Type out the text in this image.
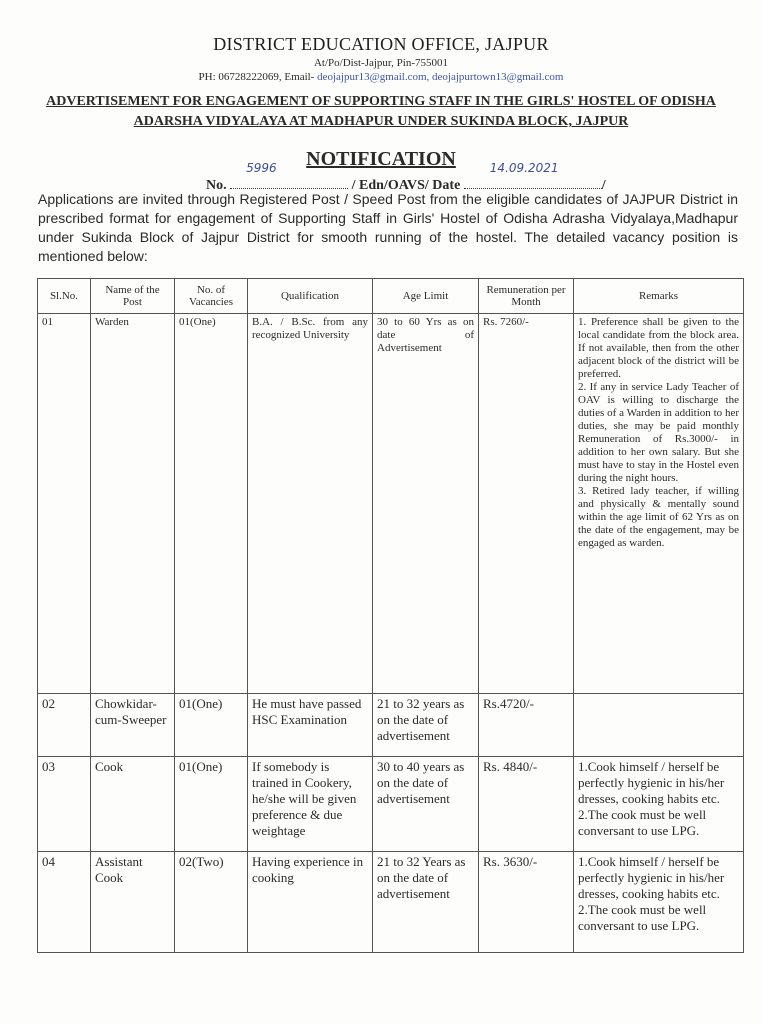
DISTRICT EDUCATION OFFICE, JAJPUR
At/Po/Dist-Jajpur, Pin-755001
PH: 06728222069, Email- deojajpur13@gmail.com, deojajpurtown13@gmail.com
ADVERTISEMENT FOR ENGAGEMENT OF SUPPORTING STAFF IN THE GIRLS' HOSTEL OF ODISHA
ADARSHA VIDYALAYA AT MADHAPUR UNDER SUKINDA BLOCK, JAJPUR
NOTIFICATION
No.
5996
/ Edn/OAVS/ Date
14.09.2021
/
Applications are invited through Registered Post / Speed Post from the eligible candidates of JAJPUR District in prescribed format for engagement of Supporting Staff in Girls' Hostel of Odisha Adrasha Vidyalaya,Madhapur under Sukinda Block of Jajpur District for smooth running of the hostel. The detailed vacancy position is mentioned below:
Sl.No.	Name of the Post	No. of Vacancies	Qualification	Age Limit	Remuneration per Month	Remarks
01	Warden	01(One)	B.A. / B.Sc. from any recognized University	30 to 60 Yrs as on date of Advertisement	Rs. 7260/-	1. Preference shall be given to the local candidate from the block area. If not available, then from the other adjacent block of the district will be preferred.

2. If any in service Lady Teacher of OAV is willing to discharge the duties of a Warden in addition to her duties, she may be paid monthly Remuneration of Rs.3000/- in addition to her own salary. But she must have to stay in the Hostel even during the night hours.

3. Retired lady teacher, if willing and physically & mentally sound within the age limit of 62 Yrs as on the date of the engagement, may be engaged as warden.

02	Chowkidar-cum-Sweeper	01(One)	He must have passed HSC Examination	21 to 32 years as on the date of advertisement	Rs.4720/-	
03	Cook	01(One)	If somebody is trained in Cookery, he/she will be given preference & due weightage	30 to 40 years as on the date of advertisement	Rs. 4840/-	1.Cook himself / herself be perfectly hygienic in his/her dresses, cooking habits etc.

2.The cook must be well conversant to use LPG.

04	Assistant Cook	02(Two)	Having experience in cooking	21 to 32 Years as on the date of advertisement	Rs. 3630/-	1.Cook himself / herself be perfectly hygienic in his/her dresses, cooking habits etc.

2.The cook must be well conversant to use LPG.
